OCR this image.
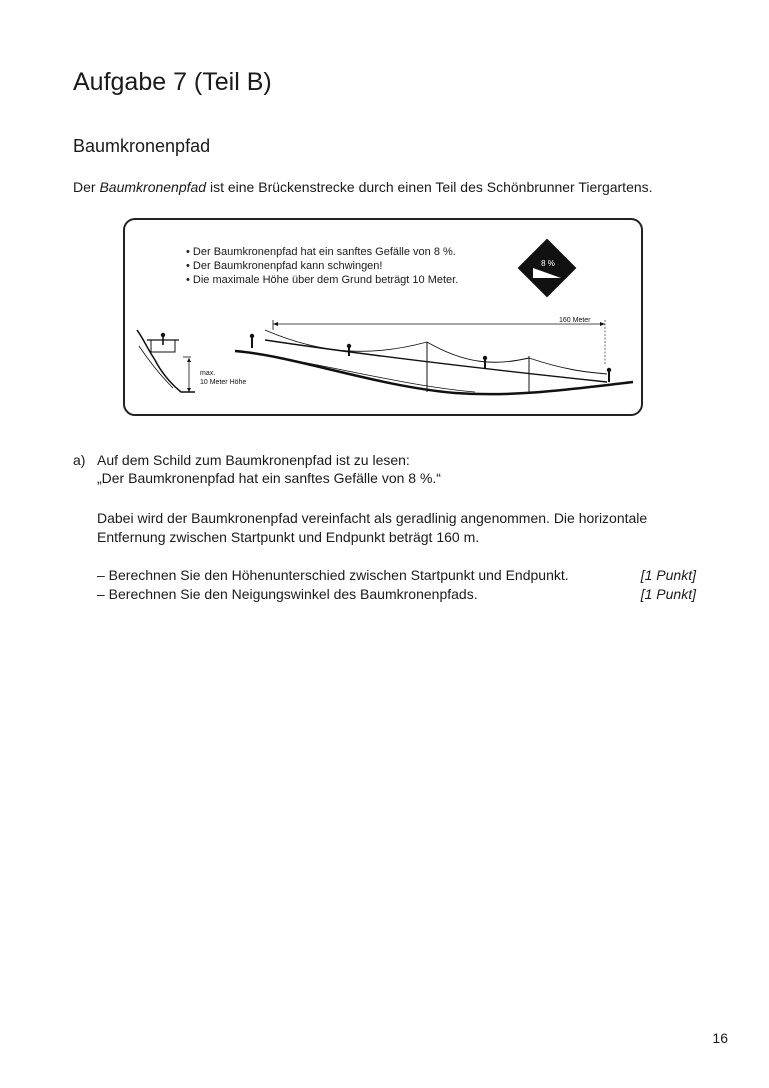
Aufgabe 7 (Teil B)
Baumkronenpfad

Der Baumkronenpfad ist eine Brückenstrecke durch einen Teil des Schönbrunner Tiergartens.

• Der Baumkronenpfad hat ein sanftes Gefälle von 8 %.
• Der Baumkronenpfad kann schwingen!
• Die maximale Höhe über dem Grund beträgt 10 Meter.
8 %
max.
10 Meter Höhe
160 Meter
a) Auf dem Schild zum Baumkronenpfad ist zu lesen:

„Der Baumkronenpfad hat ein sanftes Gefälle von 8 %.“

Dabei wird der Baumkronenpfad vereinfacht als geradlinig angenommen. Die horizontale

Entfernung zwischen Startpunkt und Endpunkt beträgt 160 m.

– Berechnen Sie den Höhenunterschied zwischen Startpunkt und Endpunkt.	[1 Punkt]

– Berechnen Sie den Neigungswinkel des Baumkronenpfads.	[1 Punkt]
16
